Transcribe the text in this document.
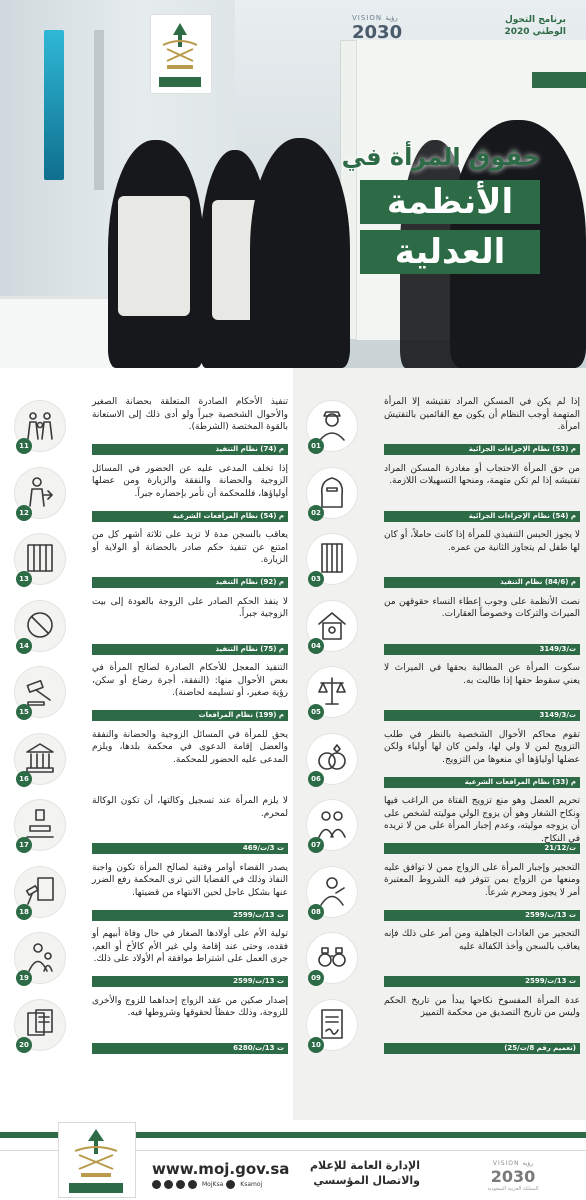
VISION رؤية
2030
برنامج التحول الوطني 2020
حقوق المرأة في
الأنظمة
العدلية
إذا لم يكن في المسكن المراد تفتيشه إلا المرأة المتهمة أوجب النظام أن يكون مع القائمين بالتفتيش امرأة.
م (53) نظام الإجراءات الجزائية
01
من حق المرأة الاحتجاب أو مغادرة المسكن المراد تفتيشه إذا لم تكن متهمة، ومنحها التسهيلات اللازمة.
م (54) نظام الإجراءات الجزائية
02
لا يجوز الحبس التنفيذي للمرأة إذا كانت حاملاً، أو كان لها طفل لم يتجاوز الثانية من عمره.
م (84/6) نظام التنفيذ
03
نصت الأنظمة على وجوب إعطاء النساء حقوقهن من الميراث والتركات وخصوصاً العقارات.
ت/3149/3
04
سكوت المرأة عن المطالبة بحقها في الميراث لا يعني سقوط حقها إذا طالبت به.
ت/3149/3
05
تقوم محاكم الأحوال الشخصية بالنظر في طلب التزويج لمن لا ولي لها، ولمن كان لها أولياء ولكن عضلها أولياؤها أي منعوها من التزويج.
م (33) نظام المرافعات الشرعية
06
تحريم العضل وهو منع تزويج الفتاة من الراغب فيها ونكاح الشغار وهو أن يزوج الولي موليته لشخص على أن يزوجه موليته، وعدم إجبار المرأة على من لا تريده في النكاح.
ت/21/12
07
التحجير وإجبار المرأة على الزواج ممن لا توافق عليه ومنعها من الزواج بمن تتوفر فيه الشروط المعتبرة أمر لا يجوز ومحرم شرعاً.
ت 13/ت/2599
08
التحجير من العادات الجاهلية ومن أمر على ذلك فإنه يعاقب بالسجن وأخذ الكفالة عليه
ت 13/ت/2599
09
عدة المرأة المفسوخ نكاحها يبدأ من تاريخ الحكم وليس من تاريخ التصديق من محكمة التمييز
(تعميم رقم 8/ت/25)
10
تنفيذ الأحكام الصادرة المتعلقة بحضانة الصغير والأحوال الشخصية جبراً ولو أدى ذلك إلى الاستعانة بالقوة المختصة (الشرطة).
م (74) نظام التنفيذ
11
إذا تخلف المدعى عليه عن الحضور في المسائل الزوجية والحضانة والنفقة والزيارة ومن عضلها أولياؤها، فللمحكمة أن تأمر بإحضاره جبراً.
م (54) نظام المرافعات الشرعية
12
يعاقب بالسجن مدة لا تزيد على ثلاثة أشهر كل من امتنع عن تنفيذ حكم صادر بالحضانة أو الولاية أو الزيارة.
م (92) نظام التنفيذ
13
لا ينفذ الحكم الصادر على الزوجة بالعودة إلى بيت الزوجية جبراً.
م (75) نظام التنفيذ
14
التنفيذ المعجل للأحكام الصادرة لصالح المرأة في بعض الأحوال منها: (النفقة، أجرة رضاع أو سكن، رؤية صغير، أو تسليمه لحاضنة).
م (199) نظام المرافعات
15
يحق للمرأة في المسائل الزوجية والحضانة والنفقة والعضل إقامة الدعوى في محكمة بلدها، ويلزم المدعى عليه الحضور للمحكمة.
16
لا يلزم المرأة عند تسجيل وكالتها، أن تكون الوكالة لمحرم.
ت 3/ت/469
17
يصدر القضاء أوامر وقتية لصالح المرأة تكون واجبة النفاذ وذلك في القضايا التي ترى المحكمة رفع الضرر عنها بشكل عاجل لحين الانتهاء من قضيتها.
ت 13/ت/2599
18
تولية الأم على أولادها الصغار في حال وفاة أبيهم أو فقده، وحتى عند إقامة ولي غير الأم كالأخ أو العم، جرى العمل على اشتراط موافقة أم الأولاد على ذلك.
ت 13/ت/2599
19
إصدار صكين من عقد الزواج إحداهما للزوج والأخرى للزوجة، وذلك حفظاً لحقوقها وشروطها فيه.
ت 13/ت/6280
20
www.moj.gov.sa
MojKsa	Ksamoj
الإدارة العامة للإعلام
والاتصال المؤسسي
VISION رؤية
2030
المملكة العربية السعودية
